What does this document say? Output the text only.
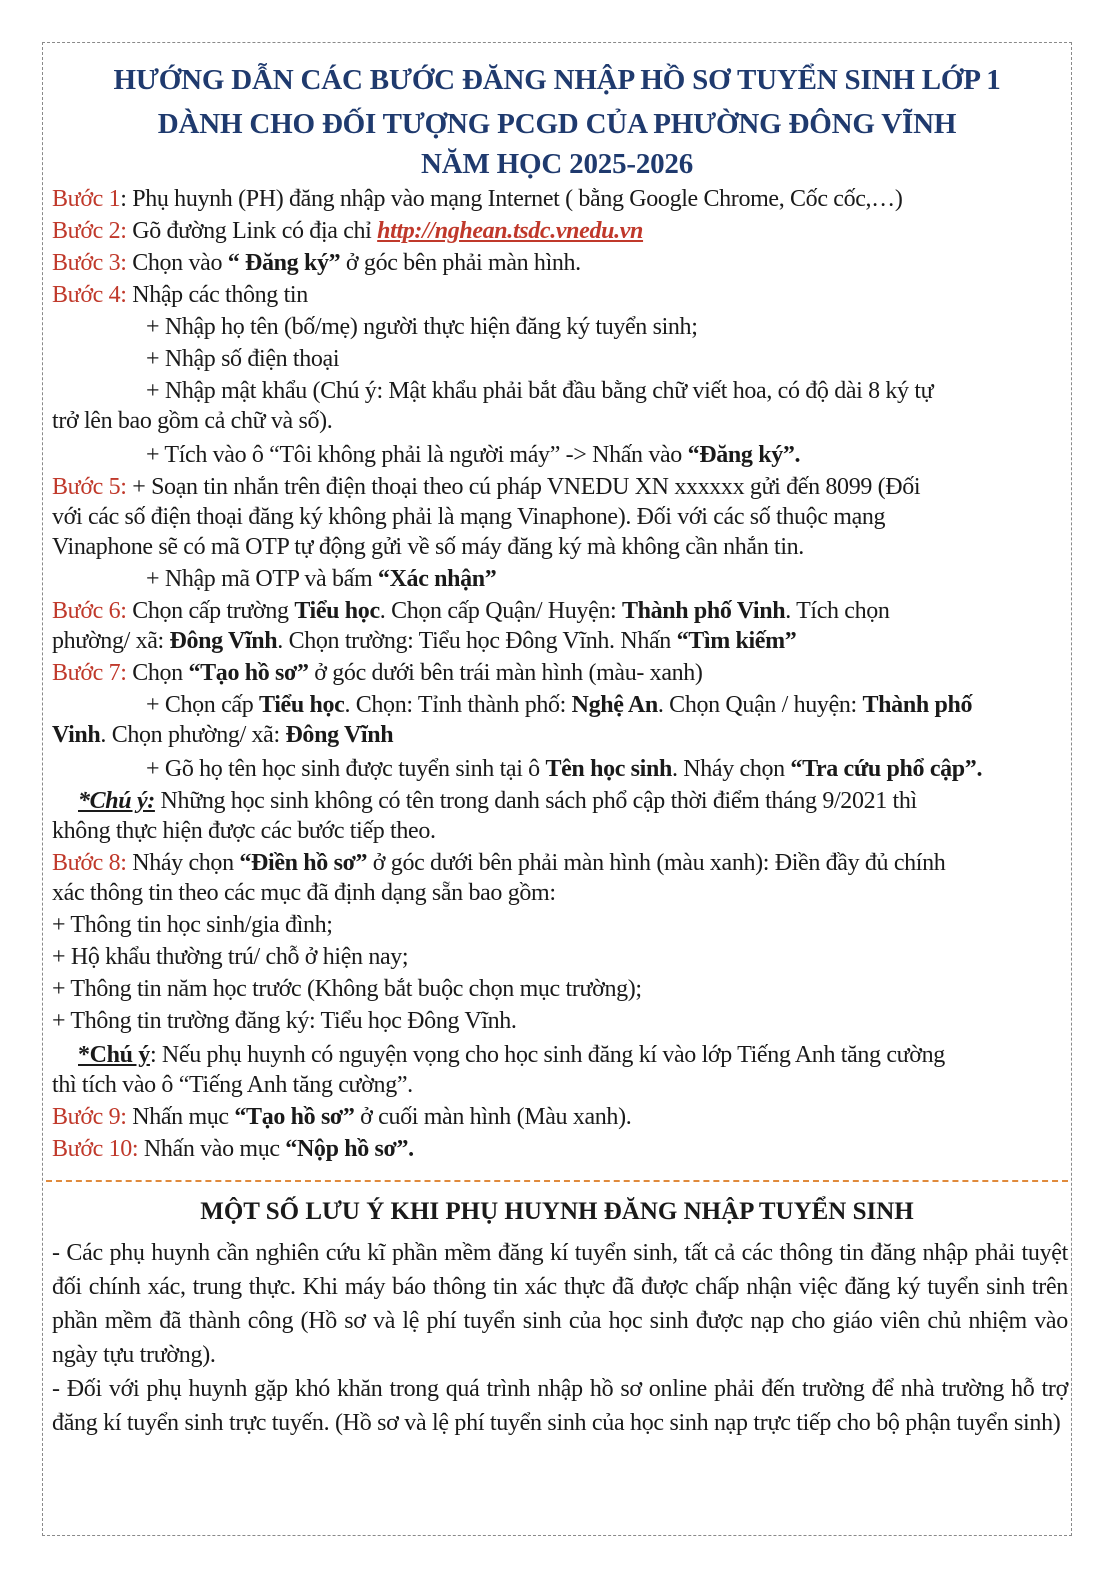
HƯỚNG DẪN CÁC BƯỚC ĐĂNG NHẬP HỒ SƠ TUYỂN SINH LỚP 1
DÀNH CHO ĐỐI TƯỢNG PCGD CỦA PHƯỜNG ĐÔNG VĨNH
NĂM HỌC 2025-2026
Bước 1: Phụ huynh (PH) đăng nhập vào mạng Internet ( bằng Google Chrome, Cốc cốc,…)
Bước 2: Gõ đường Link có địa chỉ http://nghean.tsdc.vnedu.vn
Bước 3: Chọn vào “ Đăng ký” ở góc bên phải màn hình.
Bước 4: Nhập các thông tin
+ Nhập họ tên (bố/mẹ) người thực hiện đăng ký tuyển sinh;
+ Nhập số điện thoại
+ Nhập mật khẩu (Chú ý: Mật khẩu phải bắt đầu bằng chữ viết hoa, có độ dài 8 ký tự
trở lên bao gồm cả chữ và số).
+ Tích vào ô “Tôi không phải là người máy” -> Nhấn vào “Đăng ký”.
Bước 5: + Soạn tin nhắn trên điện thoại theo cú pháp VNEDU XN xxxxxx gửi đến 8099 (Đối
với các số điện thoại đăng ký không phải là mạng Vinaphone). Đối với các số thuộc mạng
Vinaphone sẽ có mã OTP tự động gửi về số máy đăng ký mà không cần nhắn tin.
+ Nhập mã OTP và bấm “Xác nhận”
Bước 6: Chọn cấp trường Tiểu học. Chọn cấp Quận/ Huyện: Thành phố Vinh. Tích chọn
phường/ xã: Đông Vĩnh. Chọn trường: Tiểu học Đông Vĩnh. Nhấn “Tìm kiếm”
Bước 7: Chọn “Tạo hồ sơ” ở góc dưới bên trái màn hình (màu- xanh)
+ Chọn cấp Tiểu học. Chọn: Tỉnh thành phố: Nghệ An. Chọn Quận / huyện: Thành phố
Vinh. Chọn phường/ xã: Đông Vĩnh
+ Gõ họ tên học sinh được tuyển sinh tại ô Tên học sinh. Nháy chọn “Tra cứu phổ cập”.
*Chú ý: Những học sinh không có tên trong danh sách phổ cập thời điểm tháng 9/2021 thì
không thực hiện được các bước tiếp theo.
Bước 8: Nháy chọn “Điền hồ sơ” ở góc dưới bên phải màn hình (màu xanh): Điền đầy đủ chính
xác thông tin theo các mục đã định dạng sẵn bao gồm:
+ Thông tin học sinh/gia đình;
+ Hộ khẩu thường trú/ chỗ ở hiện nay;
+ Thông tin năm học trước (Không bắt buộc chọn mục trường);
+ Thông tin trường đăng ký: Tiểu học Đông Vĩnh.
*Chú ý: Nếu phụ huynh có nguyện vọng cho học sinh đăng kí vào lớp Tiếng Anh tăng cường
thì tích vào ô “Tiếng Anh tăng cường”.
Bước 9: Nhấn mục “Tạo hồ sơ” ở cuối màn hình (Màu xanh).
Bước 10: Nhấn vào mục “Nộp hồ sơ”.
MỘT SỐ LƯU Ý KHI PHỤ HUYNH ĐĂNG NHẬP TUYỂN SINH
- Các phụ huynh cần nghiên cứu kĩ phần mềm đăng kí tuyển sinh, tất cả các thông tin đăng nhập phải tuyệt đối chính xác, trung thực. Khi máy báo thông tin xác thực đã được chấp nhận việc đăng ký tuyển sinh trên phần mềm đã thành công (Hồ sơ và lệ phí tuyển sinh của học sinh được nạp cho giáo viên chủ nhiệm vào ngày tựu trường).
- Đối với phụ huynh gặp khó khăn trong quá trình nhập hồ sơ online phải đến trường để nhà trường hỗ trợ đăng kí tuyển sinh trực tuyến. (Hồ sơ và lệ phí tuyển sinh của học sinh nạp trực tiếp cho bộ phận tuyển sinh)
